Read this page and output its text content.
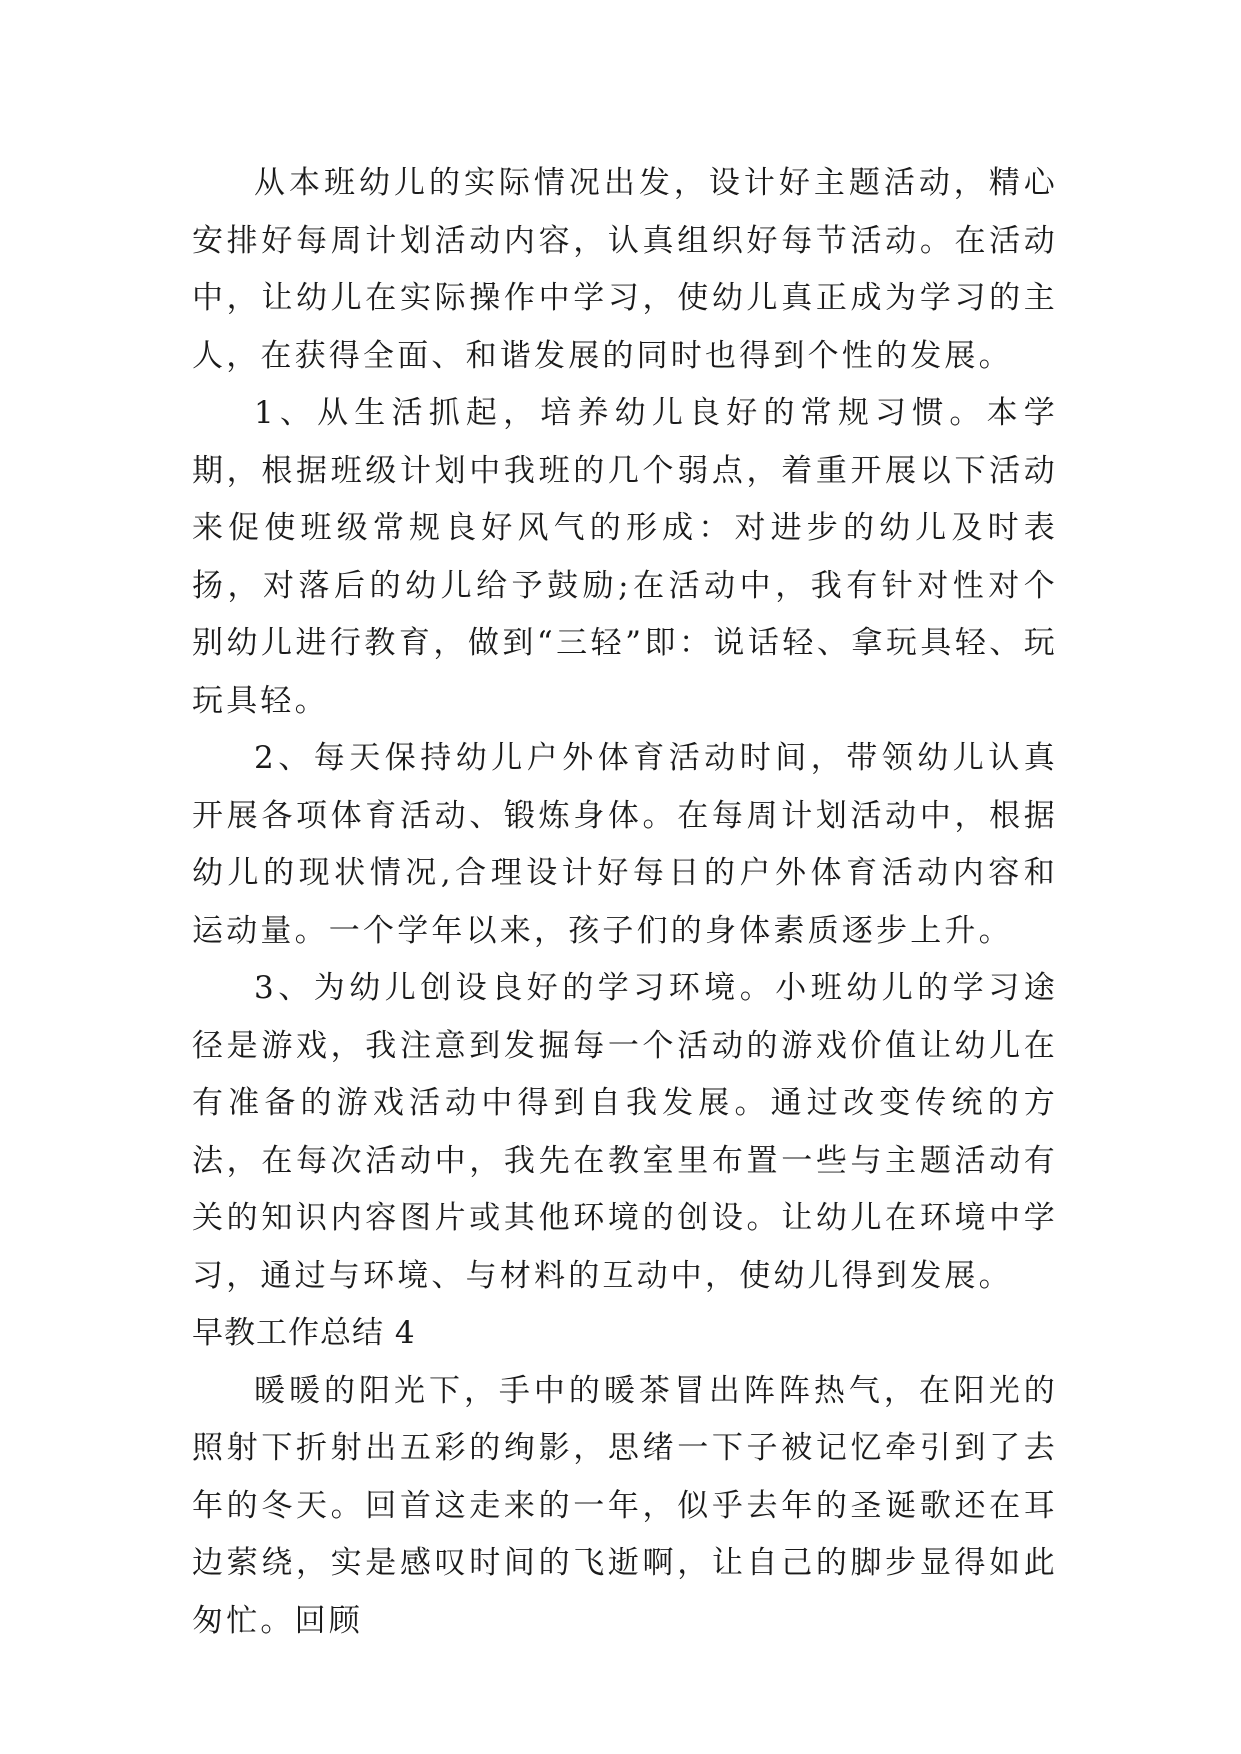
从本班幼儿的实际情况出发，设计好主题活动，精心安排好每周计划活动内容，认真组织好每节活动。在活动中，让幼儿在实际操作中学习，使幼儿真正成为学习的主人，在获得全面、和谐发展的同时也得到个性的发展。

1、从生活抓起，培养幼儿良好的常规习惯。本学期，根据班级计划中我班的几个弱点，着重开展以下活动来促使班级常规良好风气的形成：对进步的幼儿及时表扬，对落后的幼儿给予鼓励;在活动中，我有针对性对个别幼儿进行教育，做到“三轻”即：说话轻、拿玩具轻、玩玩具轻。

2、每天保持幼儿户外体育活动时间，带领幼儿认真开展各项体育活动、锻炼身体。在每周计划活动中，根据幼儿的现状情况,合理设计好每日的户外体育活动内容和运动量。一个学年以来，孩子们的身体素质逐步上升。

3、为幼儿创设良好的学习环境。小班幼儿的学习途径是游戏，我注意到发掘每一个活动的游戏价值让幼儿在有准备的游戏活动中得到自我发展。通过改变传统的方法，在每次活动中，我先在教室里布置一些与主题活动有关的知识内容图片或其他环境的创设。让幼儿在环境中学习，通过与环境、与材料的互动中，使幼儿得到发展。

早教工作总结 4

暖暖的阳光下，手中的暖茶冒出阵阵热气，在阳光的照射下折射出五彩的绚影，思绪一下子被记忆牵引到了去年的冬天。回首这走来的一年，似乎去年的圣诞歌还在耳边萦绕，实是感叹时间的飞逝啊，让自己的脚步显得如此匆忙。回顾
